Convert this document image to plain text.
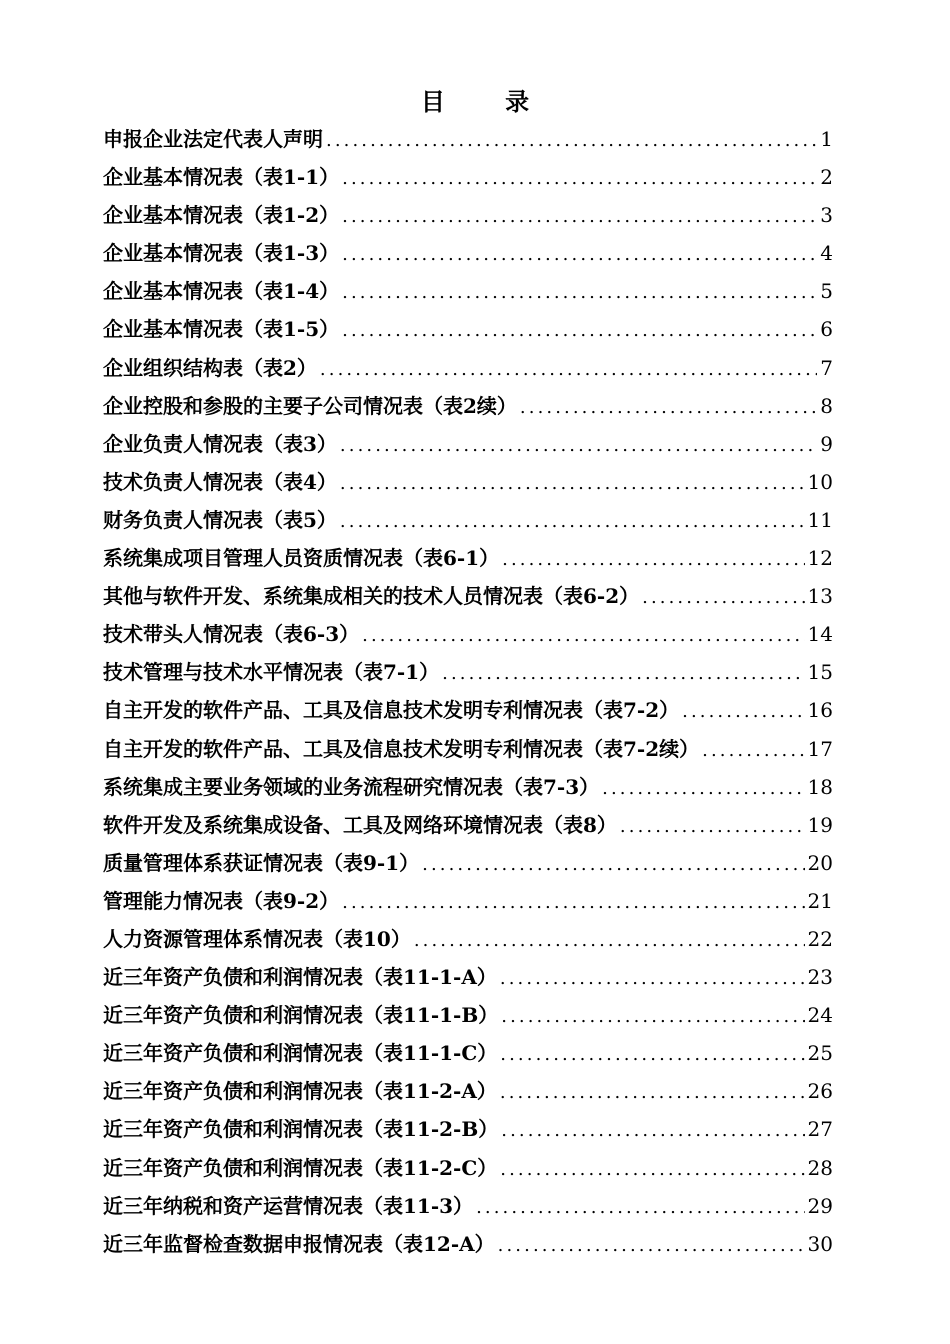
目 录
申报企业法定代表人声明 .....	1
企业基本情况表（表1-1） .....	2
企业基本情况表（表1-2） .....	3
企业基本情况表（表1-3） .....	4
企业基本情况表（表1-4） .....	5
企业基本情况表（表1-5） .....	6
企业组织结构表（表2） .....	7
企业控股和参股的主要子公司情况表（表2续） .....	8
企业负责人情况表（表3） .....	9
技术负责人情况表（表4） .....	10
财务负责人情况表（表5） .....	11
系统集成项目管理人员资质情况表（表6-1） .....	12
其他与软件开发、系统集成相关的技术人员情况表（表6-2） .....	13
技术带头人情况表（表6-3） .....	14
技术管理与技术水平情况表（表7-1） .....	15
自主开发的软件产品、工具及信息技术发明专利情况表（表7-2） .....	16
自主开发的软件产品、工具及信息技术发明专利情况表（表7-2续） .....	17
系统集成主要业务领域的业务流程研究情况表（表7-3） .....	18
软件开发及系统集成设备、工具及网络环境情况表（表8） .....	19
质量管理体系获证情况表（表9-1） .....	20
管理能力情况表（表9-2） .....	21
人力资源管理体系情况表（表10） .....	22
近三年资产负债和利润情况表（表11-1-A） .....	23
近三年资产负债和利润情况表（表11-1-B） .....	24
近三年资产负债和利润情况表（表11-1-C） .....	25
近三年资产负债和利润情况表（表11-2-A） .....	26
近三年资产负债和利润情况表（表11-2-B） .....	27
近三年资产负债和利润情况表（表11-2-C） .....	28
近三年纳税和资产运营情况表（表11-3） .....	29
近三年监督检查数据申报情况表（表12-A） .....	30
